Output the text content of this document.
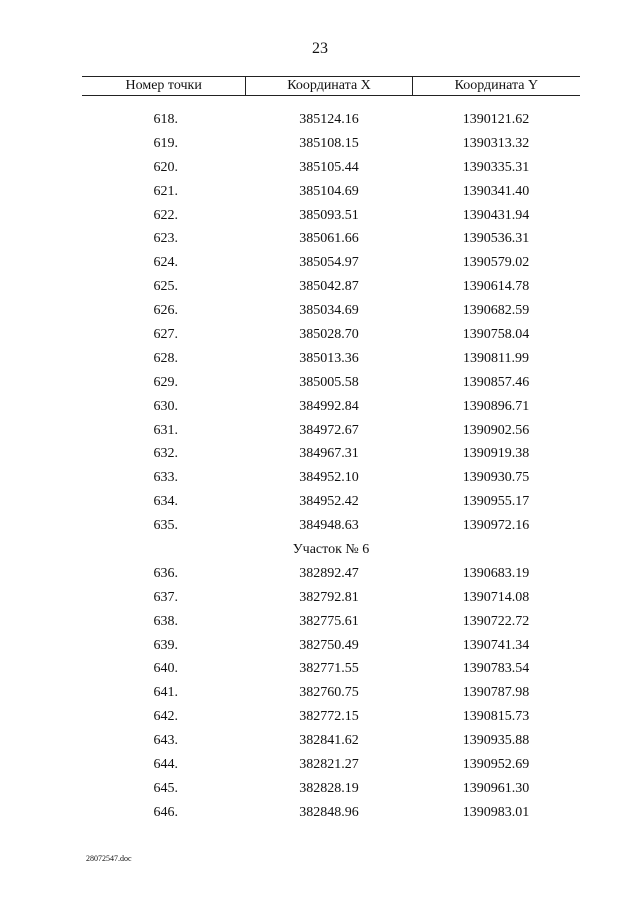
23
Номер точки	Координата X	Координата Y
618.	385124.16	1390121.62
619.	385108.15	1390313.32
620.	385105.44	1390335.31
621.	385104.69	1390341.40
622.	385093.51	1390431.94
623.	385061.66	1390536.31
624.	385054.97	1390579.02
625.	385042.87	1390614.78
626.	385034.69	1390682.59
627.	385028.70	1390758.04
628.	385013.36	1390811.99
629.	385005.58	1390857.46
630.	384992.84	1390896.71
631.	384972.67	1390902.56
632.	384967.31	1390919.38
633.	384952.10	1390930.75
634.	384952.42	1390955.17
635.	384948.63	1390972.16
Участок № 6
636.	382892.47	1390683.19
637.	382792.81	1390714.08
638.	382775.61	1390722.72
639.	382750.49	1390741.34
640.	382771.55	1390783.54
641.	382760.75	1390787.98
642.	382772.15	1390815.73
643.	382841.62	1390935.88
644.	382821.27	1390952.69
645.	382828.19	1390961.30
646.	382848.96	1390983.01
28072547.doc
